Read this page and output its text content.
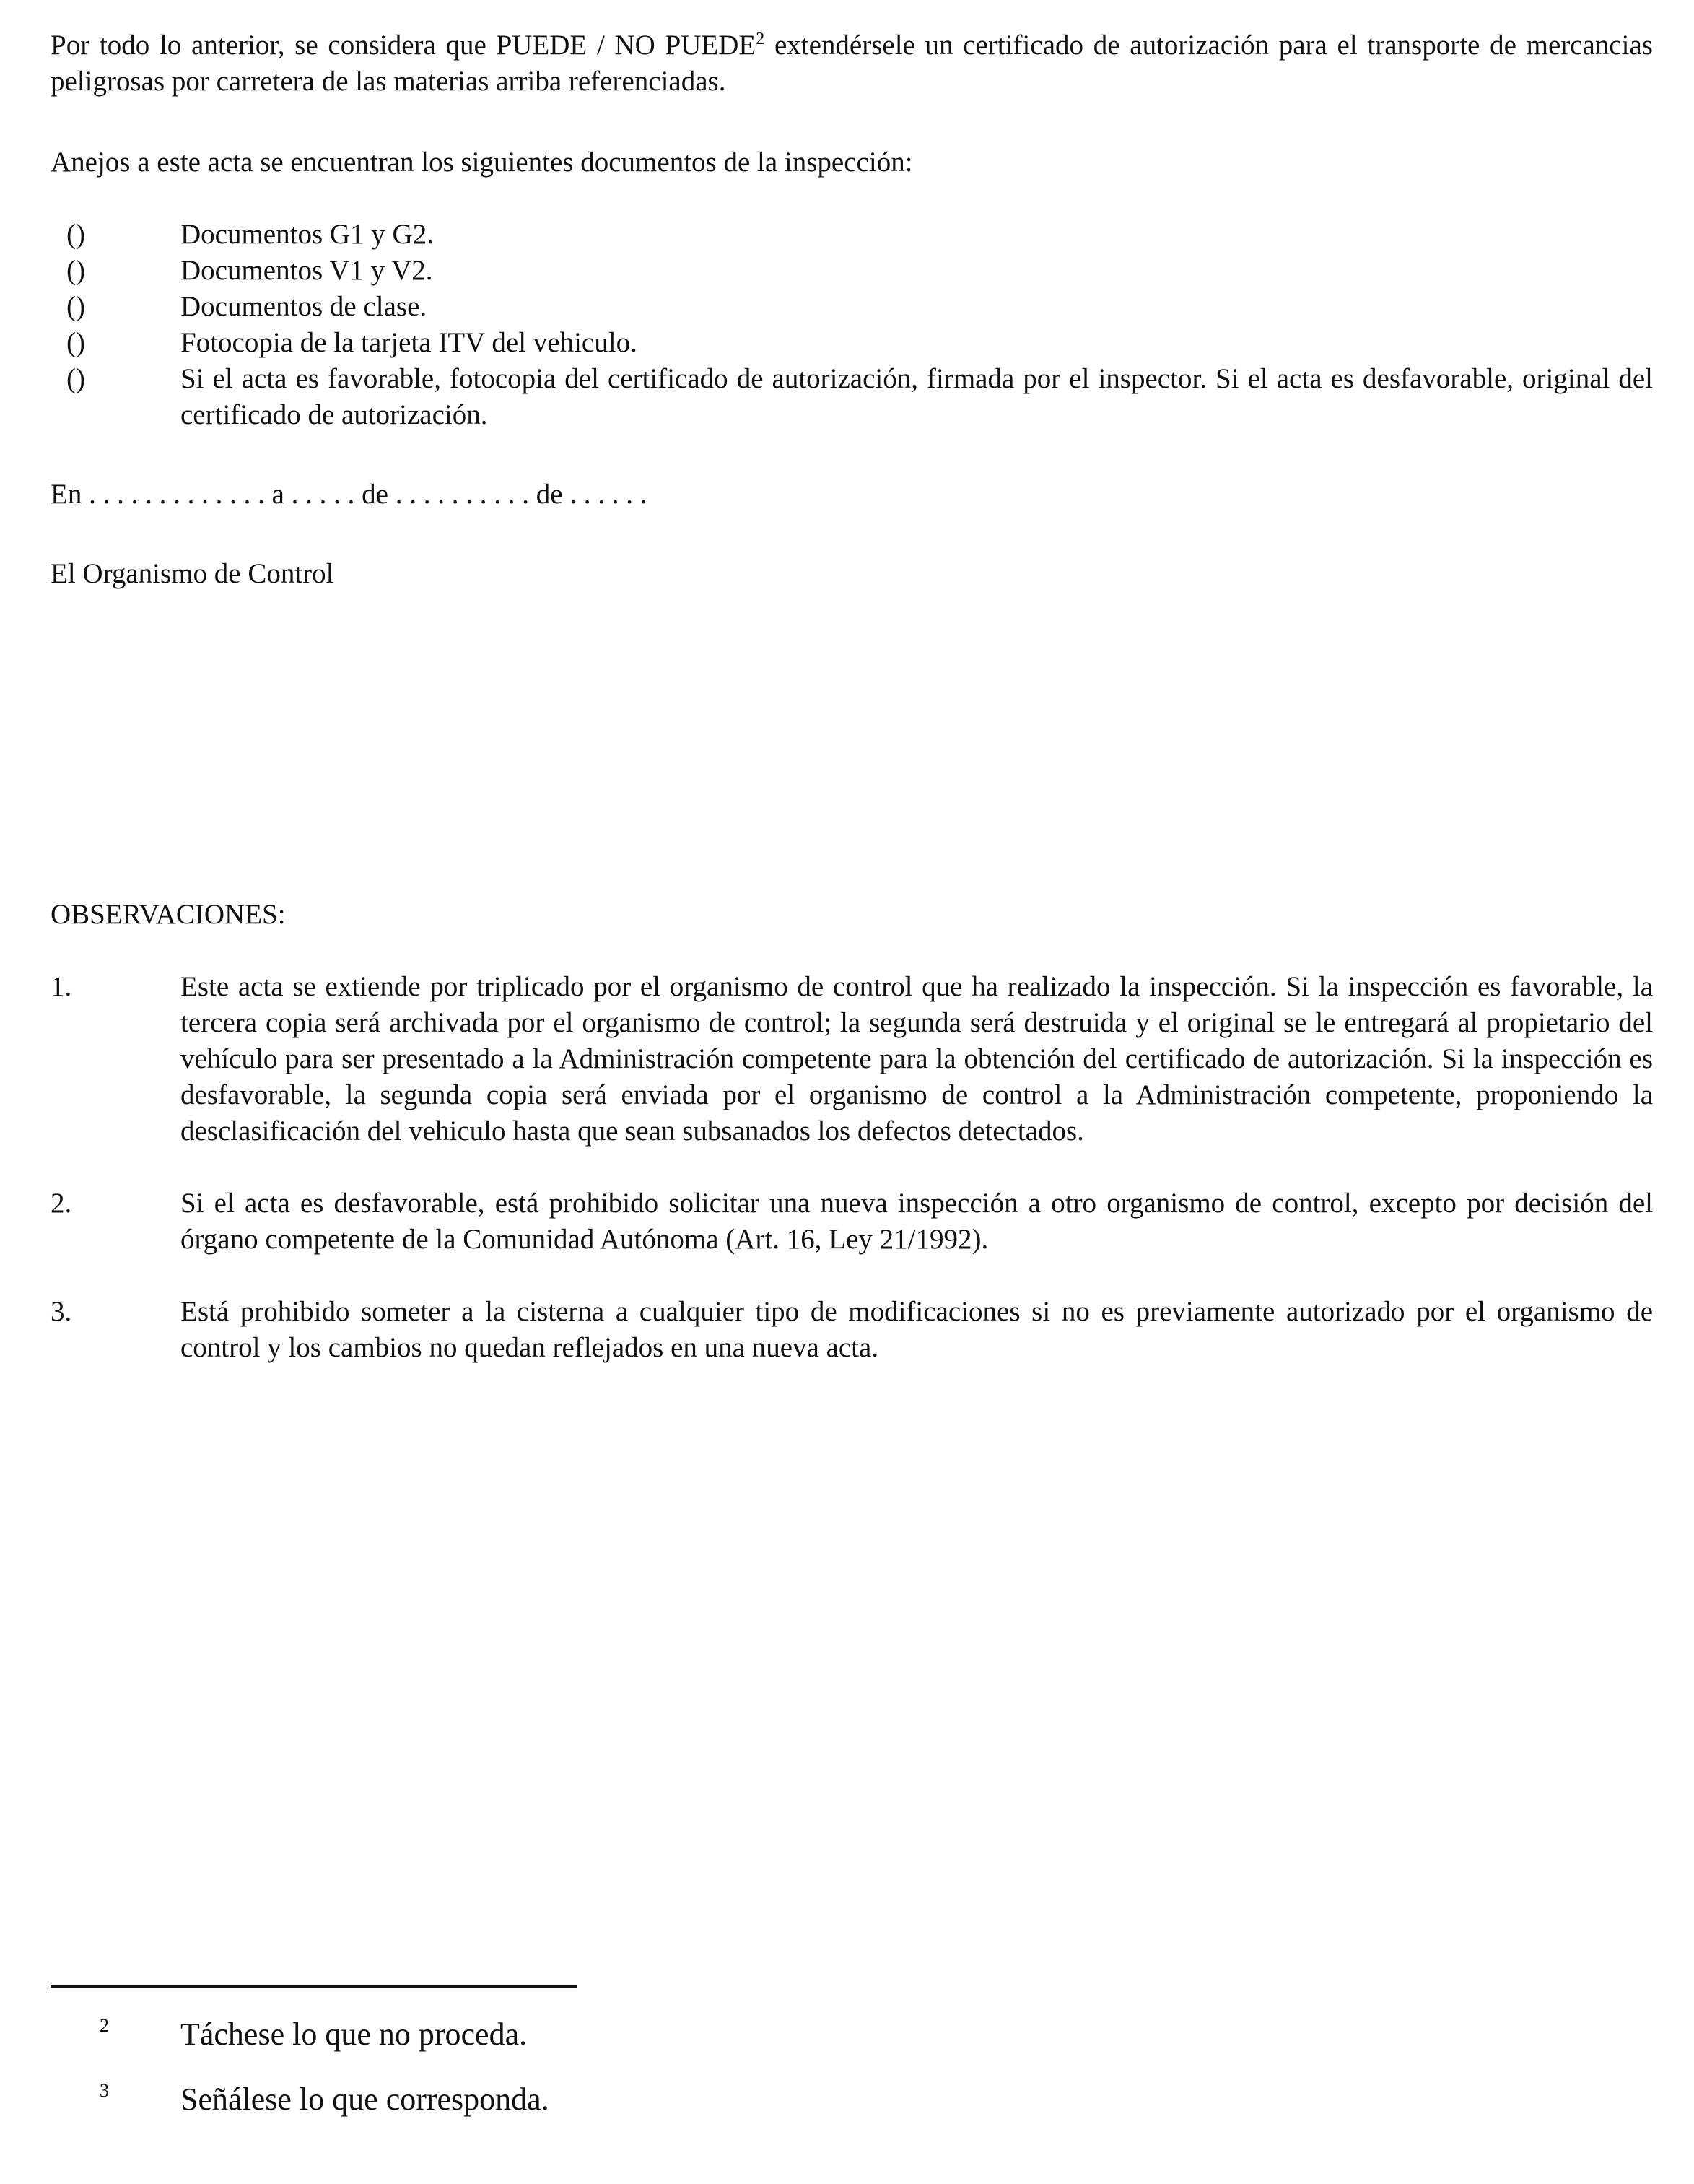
Por todo lo anterior, se considera que PUEDE / NO PUEDE$^2$ extendérsele un certificado de autorización para el transporte de mercancias peligrosas por carretera de las materias arriba referenciadas.

Anejos a este acta se encuentran los siguientes documentos de la inspección:

()	Documentos G1 y G2.
()	Documentos V1 y V2.
()	Documentos de clase.
()	Fotocopia de la tarjeta ITV del vehiculo.
()	Si el acta es favorable, fotocopia del certificado de autorización, firmada por el inspector. Si el acta es desfavorable, original del certificado de autorización.
En . . . . . . . . . . . . . a . . . . . de . . . . . . . . . . de . . . . . .
El Organismo de Control
OBSERVACIONES:
1.	Este acta se extiende por triplicado por el organismo de control que ha realizado la inspección. Si la inspección es favorable, la tercera copia será archivada por el organismo de control; la segunda será destruida y el original se le entregará al propietario del vehículo para ser presentado a la Administración competente para la obtención del certificado de autorización. Si la inspección es desfavorable, la segunda copia será enviada por el organismo de control a la Administración competente, proponiendo la desclasificación del vehiculo hasta que sean subsanados los defectos detectados.
2.	Si el acta es desfavorable, está prohibido solicitar una nueva inspección a otro organismo de control, excepto por decisión del órgano competente de la Comunidad Autónoma (Art. 16, Ley 21/1992).
3.	Está prohibido someter a la cisterna a cualquier tipo de modificaciones si no es previamente autorizado por el organismo de control y los cambios no quedan reflejados en una nueva acta.
2 Táchese lo que no proceda.
3 Señálese lo que corresponda.
